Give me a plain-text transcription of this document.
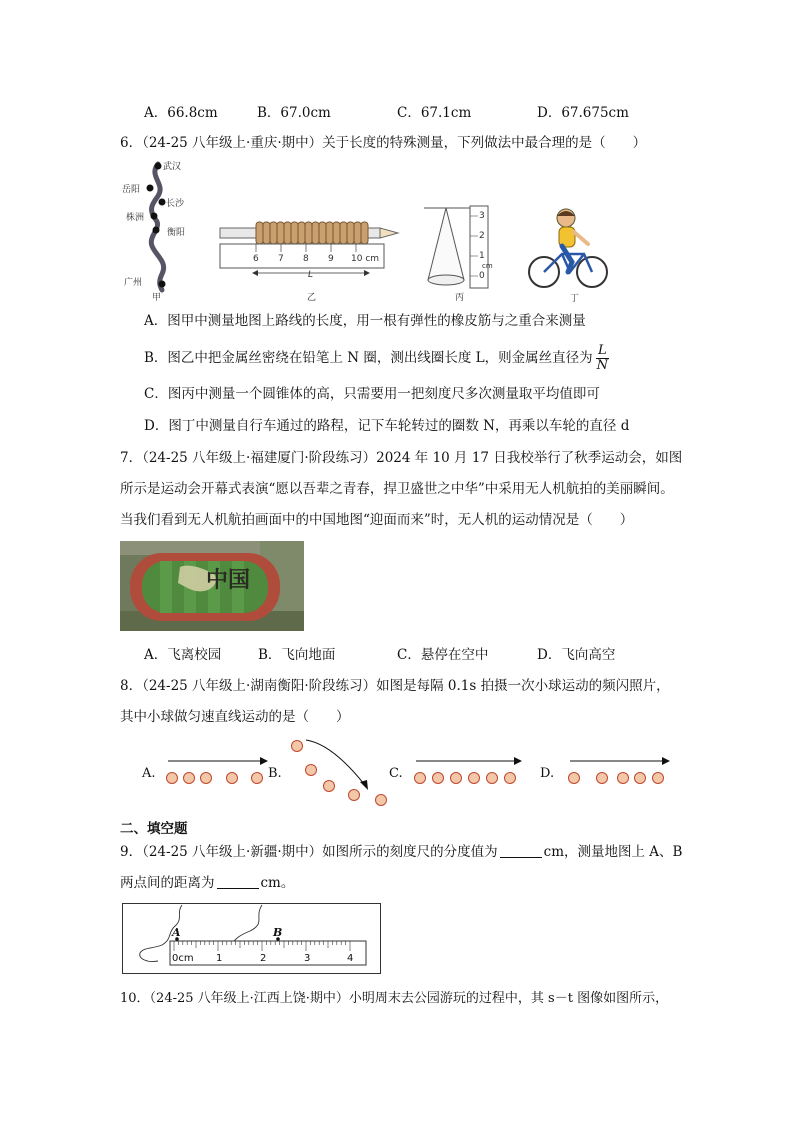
A．66.8cm	B．67.0cm	C．67.1cm	D．67.675cm
6．（24-25 八年级上·重庆·期中）关于长度的特殊测量，下列做法中最合理的是（　　）
武汉
岳阳
长沙
株洲
衡阳
广州
甲
6 7 8 9 10 cm
L
乙
3
2
1
0
cm
丙	丁
A．图甲中测量地图上路线的长度，用一根有弹性的橡皮筋与之重合来测量
B．图乙中把金属丝密绕在铅笔上 N 圈，测出线圈长度 L，则金属丝直径为 $\frac{L}{N}$
C．图丙中测量一个圆锥体的高，只需要用一把刻度尺多次测量取平均值即可
D．图丁中测量自行车通过的路程，记下车轮转过的圈数 N，再乘以车轮的直径 d
7．（24-25 八年级上·福建厦门·阶段练习）2024 年 10 月 17 日我校举行了秋季运动会，如图
所示是运动会开幕式表演“愿以吾辈之青春，捍卫盛世之中华”中采用无人机航拍的美丽瞬间。
当我们看到无人机航拍画面中的中国地图“迎面而来”时，无人机的运动情况是（　　）
中国
A．飞离校园	B．飞向地面	C．悬停在空中	D．飞向高空
8．（24-25 八年级上·湖南衡阳·阶段练习）如图是每隔 0.1s 拍摄一次小球运动的频闪照片，
其中小球做匀速直线运动的是（　　）
A.	B.	C.	D.
二、填空题
9．（24-25 八年级上·新疆·期中）如图所示的刻度尺的分度值为	cm，测量地图上 A、B
两点间的距离为	cm。
A	B
0cm 1	2	3	4
10．（24-25 八年级上·江西上饶·期中）小明周末去公园游玩的过程中，其 s－t 图像如图所示，
